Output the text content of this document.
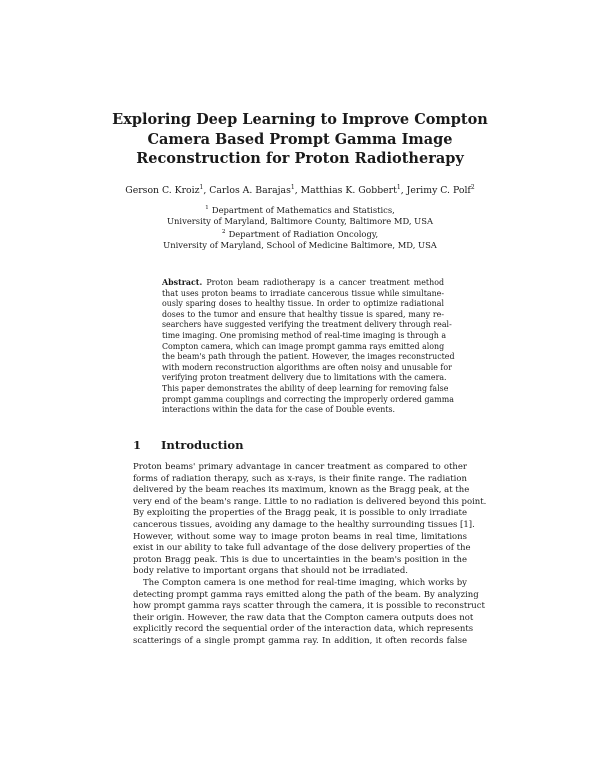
Exploring Deep Learning to Improve Compton
Camera Based Prompt Gamma Image
Reconstruction for Proton Radiotherapy

Gerson C. Kroiz$^1$, Carlos A. Barajas$^1$, Matthias K. Gobbert$^1$, Jerimy C. Polf$^2$

$^1$ Department of Mathematics and Statistics,
University of Maryland, Baltimore County, Baltimore MD, USA
$^2$ Department of Radiation Oncology,
University of Maryland, School of Medicine Baltimore, MD, USA
Abstract. Proton beam radiotherapy is a cancer treatment method
that uses proton beams to irradiate cancerous tissue while simultane-
ously sparing doses to healthy tissue. In order to optimize radiational
doses to the tumor and ensure that healthy tissue is spared, many re-
searchers have suggested verifying the treatment delivery through real-
time imaging. One promising method of real-time imaging is through a
Compton camera, which can image prompt gamma rays emitted along
the beam's path through the patient. However, the images reconstructed
with modern reconstruction algorithms are often noisy and unusable for
verifying proton treatment delivery due to limitations with the camera.
This paper demonstrates the ability of deep learning for removing false
prompt gamma couplings and correcting the improperly ordered gamma
interactions within the data for the case of Double events.
1 Introduction
Proton beams' primary advantage in cancer treatment as compared to other
forms of radiation therapy, such as x-rays, is their finite range. The radiation
delivered by the beam reaches its maximum, known as the Bragg peak, at the
very end of the beam's range. Little to no radiation is delivered beyond this point.
By exploiting the properties of the Bragg peak, it is possible to only irradiate
cancerous tissues, avoiding any damage to the healthy surrounding tissues [1].
However, without some way to image proton beams in real time, limitations
exist in our ability to take full advantage of the dose delivery properties of the
proton Bragg peak. This is due to uncertainties in the beam's position in the
body relative to important organs that should not be irradiated.
The Compton camera is one method for real-time imaging, which works by
detecting prompt gamma rays emitted along the path of the beam. By analyzing
how prompt gamma rays scatter through the camera, it is possible to reconstruct
their origin. However, the raw data that the Compton camera outputs does not
explicitly record the sequential order of the interaction data, which represents
scatterings of a single prompt gamma ray. In addition, it often records false
